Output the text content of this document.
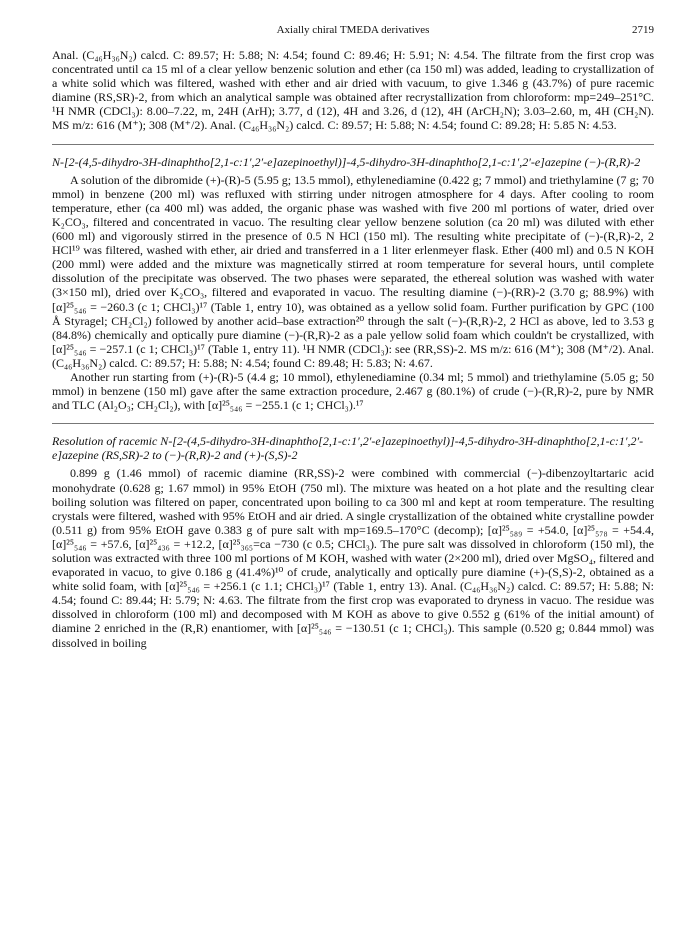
Axially chiral TMEDA derivatives	2719

Anal. (C₄₆H₃₆N₂) calcd. C: 89.57; H: 5.88; N: 4.54; found C: 89.46; H: 5.91; N: 4.54. The filtrate from the first crop was concentrated until ca 15 ml of a clear yellow benzenic solution and ether (ca 150 ml) was added, leading to crystallization of a white solid which was filtered, washed with ether and air dried with vacuum, to give 1.346 g (43.7%) of pure racemic diamine (RS,SR)-2, from which an analytical sample was obtained after recrystallization from chloroform: mp=249–251°C. ¹H NMR (CDCl₃): 8.00–7.22, m, 24H (ArH); 3.77, d (12), 4H and 3.26, d (12), 4H (ArCH₂N); 3.03–2.60, m, 4H (CH₂N). MS m/z: 616 (M⁺); 308 (M⁺/2). Anal. (C₄₆H₃₆N₂) calcd. C: 89.57; H: 5.88; N: 4.54; found C: 89.28; H: 5.85 N: 4.53.

N-[2-(4,5-dihydro-3H-dinaphtho[2,1-c:1′,2′-e]azepinoethyl)]-4,5-dihydro-3H-dinaphtho[2,1-c:1′,2′-e]azepine (−)-(R,R)-2

A solution of the dibromide (+)-(R)-5 (5.95 g; 13.5 mmol), ethylenediamine (0.422 g; 7 mmol) and triethylamine (7 g; 70 mmol) in benzene (200 ml) was refluxed with stirring under nitrogen atmosphere for 4 days. After cooling to room temperature, ether (ca 400 ml) was added, the organic phase was washed with five 200 ml portions of water, dried over K₂CO₃, filtered and concentrated in vacuo. The resulting clear yellow benzene solution (ca 20 ml) was diluted with ether (600 ml) and vigorously stirred in the presence of 0.5 N HCl (150 ml). The resulting white precipitate of (−)-(R,R)-2, 2 HCl¹⁹ was filtered, washed with ether, air dried and transferred in a 1 liter erlenmeyer flask. Ether (400 ml) and 0.5 N KOH (200 mml) were added and the mixture was magnetically stirred at room temperature for several hours, until complete dissolution of the precipitate was observed. The two phases were separated, the ethereal solution was washed with water (3×150 ml), dried over K₂CO₃, filtered and evaporated in vacuo. The resulting diamine (−)-(RR)-2 (3.70 g; 88.9%) with [α]²⁵₅₄₆ = −260.3 (c 1; CHCl₃)¹⁷ (Table 1, entry 10), was obtained as a yellow solid foam. Further purification by GPC (100 Å Styragel; CH₂Cl₂) followed by another acid–base extraction²⁰ through the salt (−)-(R,R)-2, 2 HCl as above, led to 3.53 g (84.8%) chemically and optically pure diamine (−)-(R,R)-2 as a pale yellow solid foam which couldn't be crystallized, with [α]²⁵₅₄₆ = −257.1 (c 1; CHCl₃)¹⁷ (Table 1, entry 11). ¹H NMR (CDCl₃): see (RR,SS)-2. MS m/z: 616 (M⁺); 308 (M⁺/2). Anal. (C₄₆H₃₆N₂) calcd. C: 89.57; H: 5.88; N: 4.54; found C: 89.48; H: 5.83; N: 4.67.

Another run starting from (+)-(R)-5 (4.4 g; 10 mmol), ethylenediamine (0.34 ml; 5 mmol) and triethylamine (5.05 g; 50 mmol) in benzene (150 ml) gave after the same extraction procedure, 2.467 g (80.1%) of crude (−)-(R,R)-2, pure by NMR and TLC (Al₂O₃; CH₂Cl₂), with [α]²⁵₅₄₆ = −255.1 (c 1; CHCl₃).¹⁷

Resolution of racemic N-[2-(4,5-dihydro-3H-dinaphtho[2,1-c:1′,2′-e]azepinoethyl)]-4,5-dihydro-3H-dinaphtho[2,1-c:1′,2′-e]azepine (RS,SR)-2 to (−)-(R,R)-2 and (+)-(S,S)-2

0.899 g (1.46 mmol) of racemic diamine (RR,SS)-2 were combined with commercial (−)-dibenzoyltartaric acid monohydrate (0.628 g; 1.67 mmol) in 95% EtOH (750 ml). The mixture was heated on a hot plate and the resulting clear boiling solution was filtered on paper, concentrated upon boiling to ca 300 ml and kept at room temperature. The resulting crystals were filtered, washed with 95% EtOH and air dried. A single crystallization of the obtained white crystalline powder (0.511 g) from 95% EtOH gave 0.383 g of pure salt with mp=169.5–170°C (decomp); [α]²⁵₅₈₉ = +54.0, [α]²⁵₅₇₈ = +54.4, [α]²⁵₅₄₆ = +57.6, [α]²⁵₄₃₆ = +12.2, [α]²⁵₃₆₅=ca −730 (c 0.5; CHCl₃). The pure salt was dissolved in chloroform (150 ml), the solution was extracted with three 100 ml portions of M KOH, washed with water (2×200 ml), dried over MgSO₄, filtered and evaporated in vacuo, to give 0.186 g (41.4%)¹⁰ of crude, analytically and optically pure diamine (+)-(S,S)-2, obtained as a white solid foam, with [α]²⁵₅₄₆ = +256.1 (c 1.1; CHCl₃)¹⁷ (Table 1, entry 13). Anal. (C₄₆H₃₆N₂) calcd. C: 89.57; H: 5.88; N: 4.54; found C: 89.44; H: 5.79; N: 4.63. The filtrate from the first crop was evaporated to dryness in vacuo. The residue was dissolved in chloroform (100 ml) and decomposed with M KOH as above to give 0.552 g (61% of the initial amount) of diamine 2 enriched in the (R,R) enantiomer, with [α]²⁵₅₄₆ = −130.51 (c 1; CHCl₃). This sample (0.520 g; 0.844 mmol) was dissolved in boiling
